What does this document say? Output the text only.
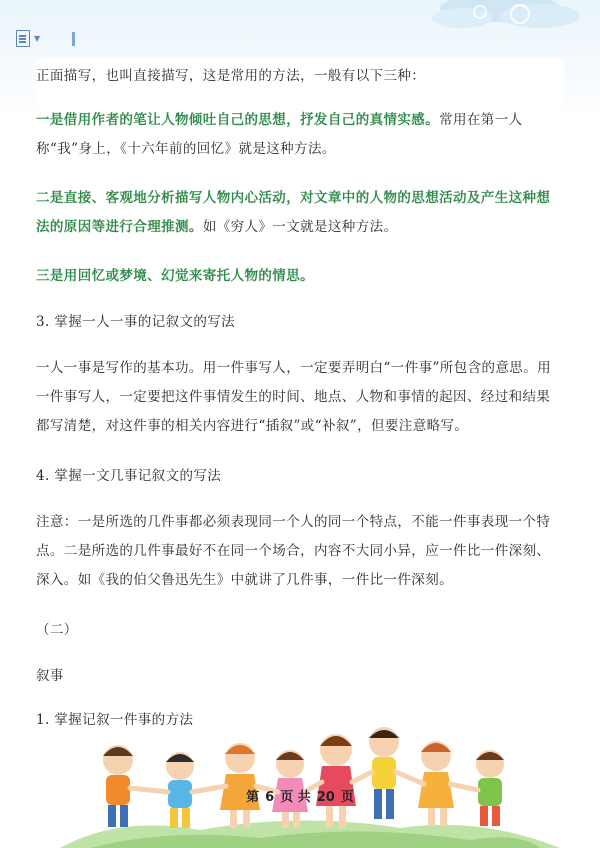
▼

正面描写，也叫直接描写，这是常用的方法，一般有以下三种：

一是借用作者的笔让人物倾吐自己的思想，抒发自己的真情实感。常用在第一人称“我”身上，《十六年前的回忆》就是这种方法。

二是直接、客观地分析描写人物内心活动，对文章中的人物的思想活动及产生这种想法的原因等进行合理推测。如《穷人》一文就是这种方法。

三是用回忆或梦境、幻觉来寄托人物的情思。

3. 掌握一人一事的记叙文的写法

一人一事是写作的基本功。用一件事写人，一定要弄明白“一件事”所包含的意思。用一件事写人，一定要把这件事情发生的时间、地点、人物和事情的起因、经过和结果都写清楚，对这件事的相关内容进行“插叙”或“补叙”，但要注意略写。

4. 掌握一文几事记叙文的写法

注意：一是所选的几件事都必须表现同一个人的同一个特点，不能一件事表现一个特点。二是所选的几件事最好不在同一个场合，内容不大同小异，应一件比一件深刻、深入。如《我的伯父鲁迅先生》中就讲了几件事，一件比一件深刻。

（二）

叙事

1. 掌握记叙一件事的方法

第 6 页 共 20 页
